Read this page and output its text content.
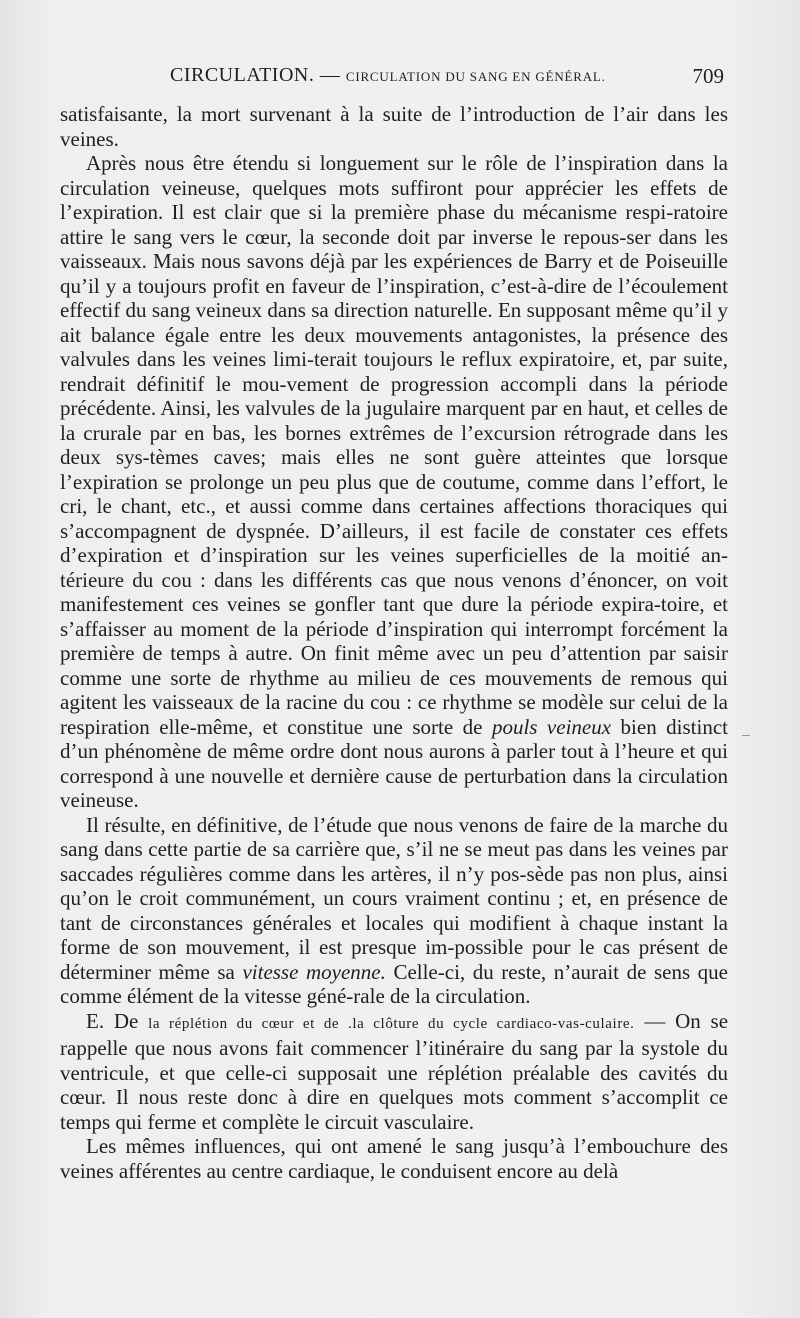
CIRCULATION. — CIRCULATION DU SANG EN GÉNÉRAL.	709

satisfaisante, la mort survenant à la suite de l’introduction de l’air dans les veines.

Après nous être étendu si longuement sur le rôle de l’inspiration dans la circulation veineuse, quelques mots suffiront pour apprécier les effets de l’expiration. Il est clair que si la première phase du mécanisme respi-ratoire attire le sang vers le cœur, la seconde doit par inverse le repous-ser dans les vaisseaux. Mais nous savons déjà par les expériences de Barry et de Poiseuille qu’il y a toujours profit en faveur de l’inspiration, c’est-à-dire de l’écoulement effectif du sang veineux dans sa direction naturelle. En supposant même qu’il y ait balance égale entre les deux mouvements antagonistes, la présence des valvules dans les veines limi-terait toujours le reflux expiratoire, et, par suite, rendrait définitif le mou-vement de progression accompli dans la période précédente. Ainsi, les valvules de la jugulaire marquent par en haut, et celles de la crurale par en bas, les bornes extrêmes de l’excursion rétrograde dans les deux sys-tèmes caves; mais elles ne sont guère atteintes que lorsque l’expiration se prolonge un peu plus que de coutume, comme dans l’effort, le cri, le chant, etc., et aussi comme dans certaines affections thoraciques qui s’accompagnent de dyspnée. D’ailleurs, il est facile de constater ces effets d’expiration et d’inspiration sur les veines superficielles de la moitié an-térieure du cou : dans les différents cas que nous venons d’énoncer, on voit manifestement ces veines se gonfler tant que dure la période expira-toire, et s’affaisser au moment de la période d’inspiration qui interrompt forcément la première de temps à autre. On finit même avec un peu d’attention par saisir comme une sorte de rhythme au milieu de ces mouvements de remous qui agitent les vaisseaux de la racine du cou : ce rhythme se modèle sur celui de la respiration elle-même, et constitue une sorte de pouls veineux bien distinct d’un phénomène de même ordre dont nous aurons à parler tout à l’heure et qui correspond à une nouvelle et dernière cause de perturbation dans la circulation veineuse.

Il résulte, en définitive, de l’étude que nous venons de faire de la marche du sang dans cette partie de sa carrière que, s’il ne se meut pas dans les veines par saccades régulières comme dans les artères, il n’y pos-sède pas non plus, ainsi qu’on le croit communément, un cours vraiment continu ; et, en présence de tant de circonstances générales et locales qui modifient à chaque instant la forme de son mouvement, il est presque im-possible pour le cas présent de déterminer même sa vitesse moyenne. Celle-ci, du reste, n’aurait de sens que comme élément de la vitesse géné-rale de la circulation.

E. De la réplétion du cœur et de .la clôture du cycle cardiaco-vas-culaire. — On se rappelle que nous avons fait commencer l’itinéraire du sang par la systole du ventricule, et que celle-ci supposait une réplétion préalable des cavités du cœur. Il nous reste donc à dire en quelques mots comment s’accomplit ce temps qui ferme et complète le circuit vasculaire.

Les mêmes influences, qui ont amené le sang jusqu’à l’embouchure des veines afférentes au centre cardiaque, le conduisent encore au delà
